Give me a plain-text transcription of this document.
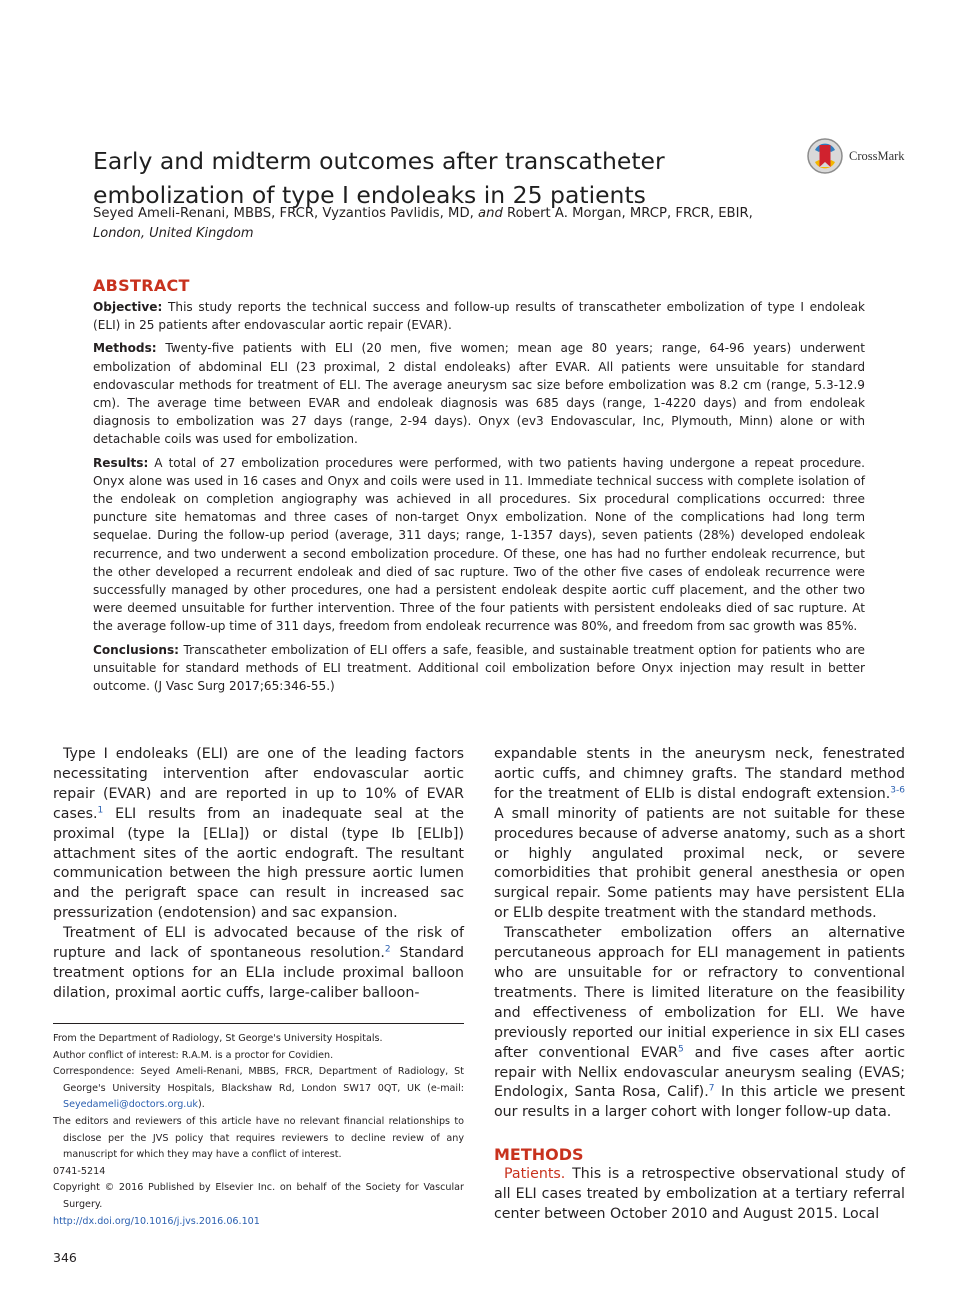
Early and midterm outcomes after transcatheter
embolization of type I endoleaks in 25 patients
CrossMark
Seyed Ameli-Renani, MBBS, FRCR, Vyzantios Pavlidis, MD, and Robert A. Morgan, MRCP, FRCR, EBIR,
London, United Kingdom
ABSTRACT

Objective: This study reports the technical success and follow-up results of transcatheter embolization of type I endoleak (ELI) in 25 patients after endovascular aortic repair (EVAR).

Methods: Twenty-five patients with ELI (20 men, five women; mean age 80 years; range, 64-96 years) underwent embolization of abdominal ELI (23 proximal, 2 distal endoleaks) after EVAR. All patients were unsuitable for standard endovascular methods for treatment of ELI. The average aneurysm sac size before embolization was 8.2 cm (range, 5.3-12.9 cm). The average time between EVAR and endoleak diagnosis was 685 days (range, 1-4220 days) and from endoleak diagnosis to embolization was 27 days (range, 2-94 days). Onyx (ev3 Endovascular, Inc, Plymouth, Minn) alone or with detachable coils was used for embolization.

Results: A total of 27 embolization procedures were performed, with two patients having undergone a repeat procedure. Onyx alone was used in 16 cases and Onyx and coils were used in 11. Immediate technical success with complete isolation of the endoleak on completion angiography was achieved in all procedures. Six procedural complications occurred: three puncture site hematomas and three cases of non-target Onyx embolization. None of the complications had long term sequelae. During the follow-up period (average, 311 days; range, 1-1357 days), seven patients (28%) developed endoleak recurrence, and two underwent a second embolization procedure. Of these, one has had no further endoleak recurrence, but the other developed a recurrent endoleak and died of sac rupture. Two of the other five cases of endoleak recurrence were successfully managed by other procedures, one had a persistent endoleak despite aortic cuff placement, and the other two were deemed unsuitable for further intervention. Three of the four patients with persistent endoleaks died of sac rupture. At the average follow-up time of 311 days, freedom from endoleak recurrence was 80%, and freedom from sac growth was 85%.

Conclusions: Transcatheter embolization of ELI offers a safe, feasible, and sustainable treatment option for patients who are unsuitable for standard methods of ELI treatment. Additional coil embolization before Onyx injection may result in better outcome. (J Vasc Surg 2017;65:346-55.)

Type I endoleaks (ELI) are one of the leading factors necessitating intervention after endovascular aortic repair (EVAR) and are reported in up to 10% of EVAR cases.$^1$ ELI results from an inadequate seal at the proximal (type Ia [ELIa]) or distal (type Ib [ELIb]) attachment sites of the aortic endograft. The resultant communication between the high pressure aortic lumen and the perigraft space can result in increased sac pressurization (endotension) and sac expansion.

Treatment of ELI is advocated because of the risk of rupture and lack of spontaneous resolution.$^2$ Standard treatment options for an ELIa include proximal balloon dilation, proximal aortic cuffs, large-caliber balloon-

From the Department of Radiology, St George's University Hospitals.

Author conflict of interest: R.A.M. is a proctor for Covidien.

Correspondence: Seyed Ameli-Renani, MBBS, FRCR, Department of Radiology, St George's University Hospitals, Blackshaw Rd, London SW17 0QT, UK (e-mail: Seyedameli@doctors.org.uk).

The editors and reviewers of this article have no relevant financial relationships to disclose per the JVS policy that requires reviewers to decline review of any manuscript for which they may have a conflict of interest.

0741-5214

Copyright © 2016 Published by Elsevier Inc. on behalf of the Society for Vascular Surgery.

http://dx.doi.org/10.1016/j.jvs.2016.06.101

346

expandable stents in the aneurysm neck, fenestrated aortic cuffs, and chimney grafts. The standard method for the treatment of ELIb is distal endograft extension.$^{3-6}$ A small minority of patients are not suitable for these procedures because of adverse anatomy, such as a short or highly angulated proximal neck, or severe comorbidities that prohibit general anesthesia or open surgical repair. Some patients may have persistent ELIa or ELIb despite treatment with the standard methods.

Transcatheter embolization offers an alternative percutaneous approach for ELI management in patients who are unsuitable for or refractory to conventional treatments. There is limited literature on the feasibility and effectiveness of embolization for ELI. We have previously reported our initial experience in six ELI cases after conventional EVAR$^5$ and five cases after aortic repair with Nellix endovascular aneurysm sealing (EVAS; Endologix, Santa Rosa, Calif).$^7$ In this article we present our results in a larger cohort with longer follow-up data.

METHODS

Patients. This is a retrospective observational study of all ELI cases treated by embolization at a tertiary referral center between October 2010 and August 2015. Local
